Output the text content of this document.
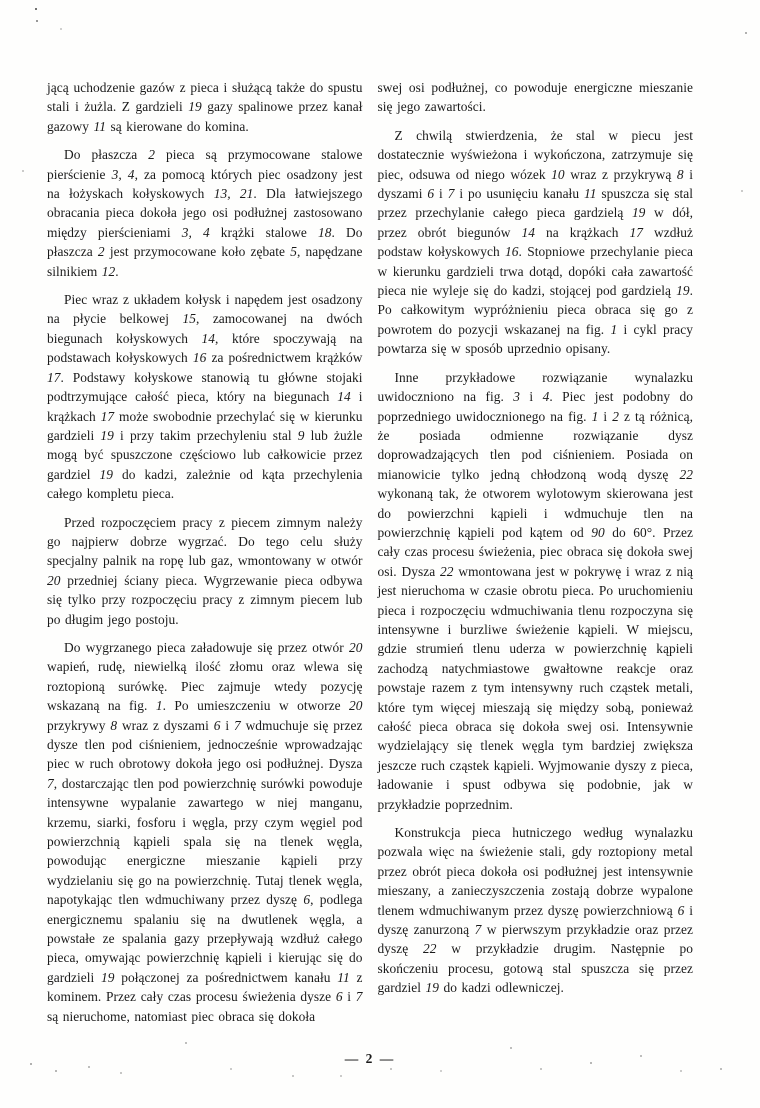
jącą uchodzenie gazów z pieca i służącą także do spustu stali i żużla. Z gardzieli 19 gazy spalinowe przez kanał gazowy 11 są kierowane do komina.

Do płaszcza 2 pieca są przymocowane stalowe pierścienie 3, 4, za pomocą których piec osadzony jest na łożyskach kołyskowych 13, 21. Dla łatwiejszego obracania pieca dokoła jego osi podłużnej zastosowano między pierścieniami 3, 4 krążki stalowe 18. Do płaszcza 2 jest przymocowane koło zębate 5, napędzane silnikiem 12.

Piec wraz z układem kołysk i napędem jest osadzony na płycie belkowej 15, zamocowanej na dwóch biegunach kołyskowych 14, które spoczywają na podstawach kołyskowych 16 za pośrednictwem krążków 17. Podstawy kołyskowe stanowią tu główne stojaki podtrzymujące całość pieca, który na biegunach 14 i krążkach 17 może swobodnie przechylać się w kierunku gardzieli 19 i przy takim przechyleniu stal 9 lub żużle mogą być spuszczone częściowo lub całkowicie przez gardziel 19 do kadzi, zależnie od kąta przechylenia całego kompletu pieca.

Przed rozpoczęciem pracy z piecem zimnym należy go najpierw dobrze wygrzać. Do tego celu służy specjalny palnik na ropę lub gaz, wmontowany w otwór 20 przedniej ściany pieca. Wygrzewanie pieca odbywa się tylko przy rozpoczęciu pracy z zimnym piecem lub po długim jego postoju.

Do wygrzanego pieca załadowuje się przez otwór 20 wapień, rudę, niewielką ilość złomu oraz wlewa się roztopioną surówkę. Piec zajmuje wtedy pozycję wskazaną na fig. 1. Po umieszczeniu w otworze 20 przykrywy 8 wraz z dyszami 6 i 7 wdmuchuje się przez dysze tlen pod ciśnieniem, jednocześnie wprowadzając piec w ruch obrotowy dokoła jego osi podłużnej. Dysza 7, dostarczając tlen pod powierzchnię surówki powoduje intensywne wypalanie zawartego w niej manganu, krzemu, siarki, fosforu i węgla, przy czym węgiel pod powierzchnią kąpieli spala się na tlenek węgla, powodując energiczne mieszanie kąpieli przy wydzielaniu się go na powierzchnię. Tutaj tlenek węgla, napotykając tlen wdmuchiwany przez dyszę 6, podlega energicznemu spalaniu się na dwutlenek węgla, a powstałe ze spalania gazy przepływają wzdłuż całego pieca, omywając powierzchnię kąpieli i kierując się do gardzieli 19 połączonej za pośrednictwem kanału 11 z kominem. Przez cały czas procesu świeżenia dysze 6 i 7 są nieruchome, natomiast piec obraca się dokoła

swej osi podłużnej, co powoduje energiczne mieszanie się jego zawartości.

Z chwilą stwierdzenia, że stal w piecu jest dostatecznie wyświeżona i wykończona, zatrzymuje się piec, odsuwa od niego wózek 10 wraz z przykrywą 8 i dyszami 6 i 7 i po usunięciu kanału 11 spuszcza się stal przez przechylanie całego pieca gardzielą 19 w dół, przez obrót biegunów 14 na krążkach 17 wzdłuż podstaw kołyskowych 16. Stopniowe przechylanie pieca w kierunku gardzieli trwa dotąd, dopóki cała zawartość pieca nie wyleje się do kadzi, stojącej pod gardzielą 19. Po całkowitym wypróżnieniu pieca obraca się go z powrotem do pozycji wskazanej na fig. 1 i cykl pracy powtarza się w sposób uprzednio opisany.

Inne przykładowe rozwiązanie wynalazku uwidoczniono na fig. 3 i 4. Piec jest podobny do poprzedniego uwidocznionego na fig. 1 i 2 z tą różnicą, że posiada odmienne rozwiązanie dysz doprowadzających tlen pod ciśnieniem. Posiada on mianowicie tylko jedną chłodzoną wodą dyszę 22 wykonaną tak, że otworem wylotowym skierowana jest do powierzchni kąpieli i wdmuchuje tlen na powierzchnię kąpieli pod kątem od 90 do 60°. Przez cały czas procesu świeżenia, piec obraca się dokoła swej osi. Dysza 22 wmontowana jest w pokrywę i wraz z nią jest nieruchoma w czasie obrotu pieca. Po uruchomieniu pieca i rozpoczęciu wdmuchiwania tlenu rozpoczyna się intensywne i burzliwe świeżenie kąpieli. W miejscu, gdzie strumień tlenu uderza w powierzchnię kąpieli zachodzą natychmiastowe gwałtowne reakcje oraz powstaje razem z tym intensywny ruch cząstek metali, które tym więcej mieszają się między sobą, ponieważ całość pieca obraca się dokoła swej osi. Intensywnie wydzielający się tlenek węgla tym bardziej zwiększa jeszcze ruch cząstek kąpieli. Wyjmowanie dyszy z pieca, ładowanie i spust odbywa się podobnie, jak w przykładzie poprzednim.

Konstrukcja pieca hutniczego według wynalazku pozwala więc na świeżenie stali, gdy roztopiony metal przez obrót pieca dokoła osi podłużnej jest intensywnie mieszany, a zanieczyszczenia zostają dobrze wypalone tlenem wdmuchiwanym przez dyszę powierzchniową 6 i dyszę zanurzoną 7 w pierwszym przykładzie oraz przez dyszę 22 w przykładzie drugim. Następnie po skończeniu procesu, gotową stal spuszcza się przez gardziel 19 do kadzi odlewniczej.

— 2 —
